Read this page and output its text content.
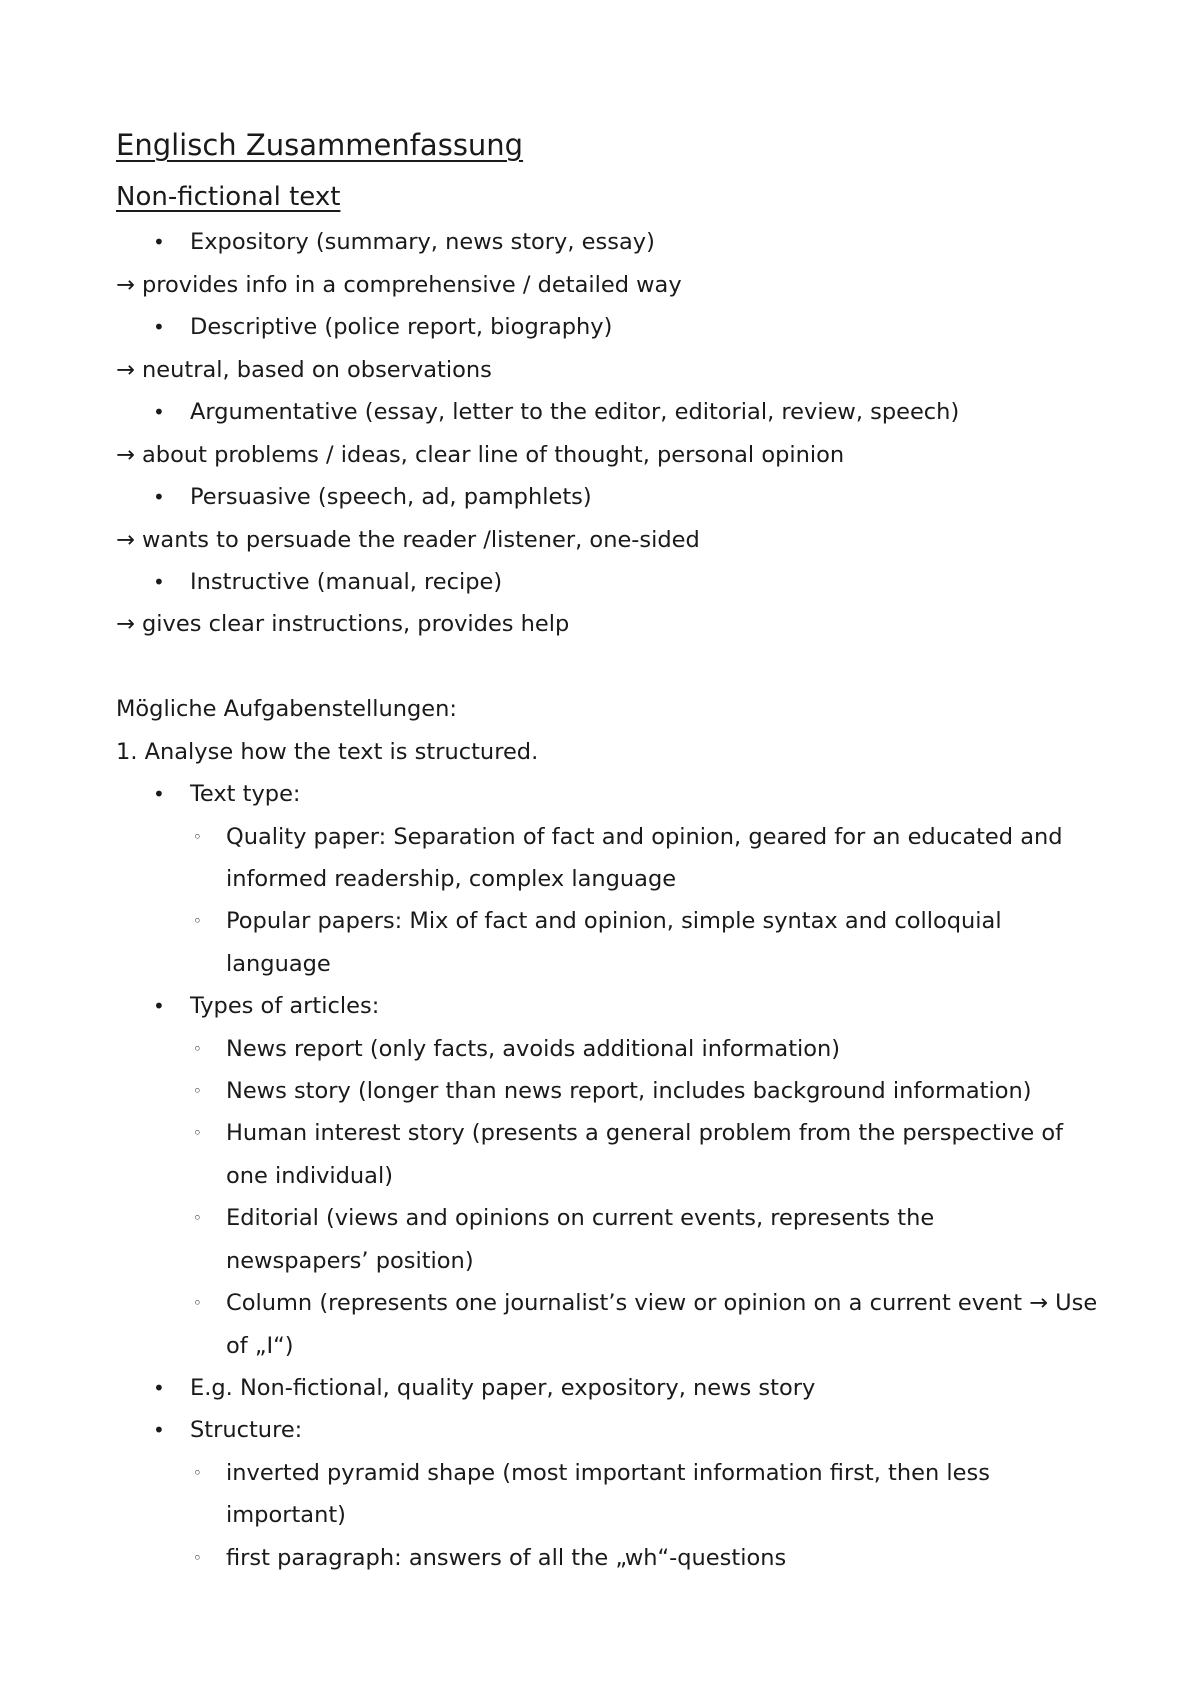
Englisch Zusammenfassung
Non-fictional text
• Expository (summary, news story, essay)
→ provides info in a comprehensive / detailed way
• Descriptive (police report, biography)
→ neutral, based on observations
• Argumentative (essay, letter to the editor, editorial, review, speech)
→ about problems / ideas, clear line of thought, personal opinion
• Persuasive (speech, ad, pamphlets)
→ wants to persuade the reader /listener, one-sided
• Instructive (manual, recipe)
→ gives clear instructions, provides help
Mögliche Aufgabenstellungen:
1. Analyse how the text is structured.
• Text type:
◦ Quality paper: Separation of fact and opinion, geared for an educated and
informed readership, complex language
◦ Popular papers: Mix of fact and opinion, simple syntax and colloquial
language
• Types of articles:
◦ News report (only facts, avoids additional information)
◦ News story (longer than news report, includes background information)
◦ Human interest story (presents a general problem from the perspective of
one individual)
◦ Editorial (views and opinions on current events, represents the
newspapers’ position)
◦ Column (represents one journalist’s view or opinion on a current event → Use
of „I“)
• E.g. Non-fictional, quality paper, expository, news story
• Structure:
◦ inverted pyramid shape (most important information first, then less
important)
◦ first paragraph: answers of all the „wh“-questions
